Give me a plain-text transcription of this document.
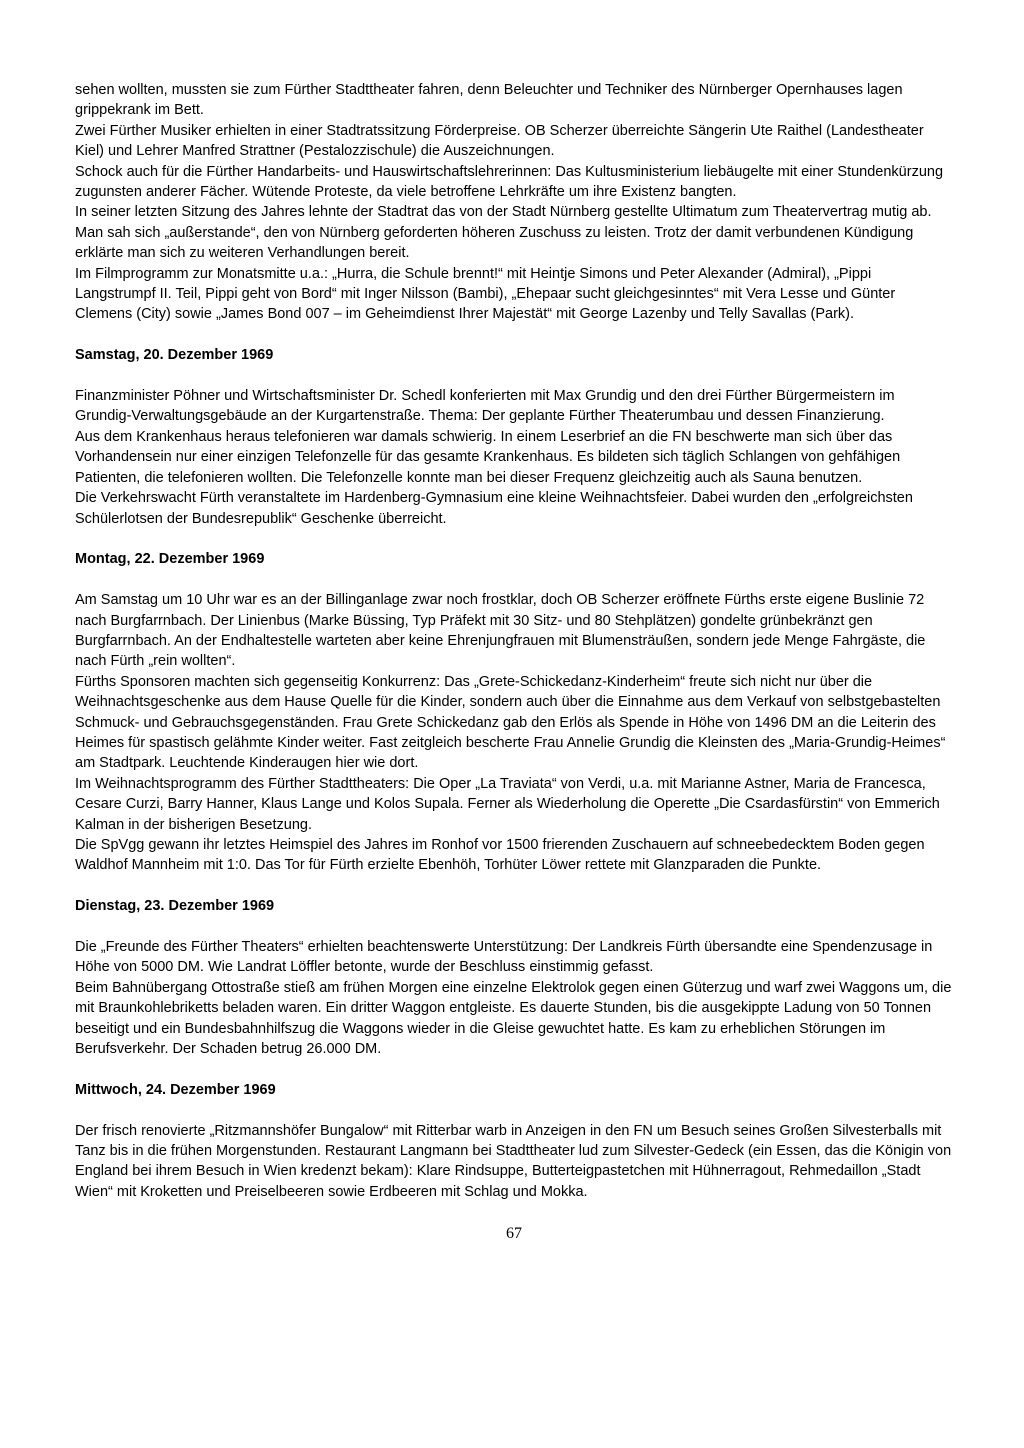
sehen wollten, mussten sie zum Fürther Stadttheater fahren, denn Beleuchter und Techniker des Nürnberger Opernhauses lagen grippekrank im Bett.

Zwei Fürther Musiker erhielten in einer Stadtratssitzung Förderpreise. OB Scherzer überreichte Sängerin Ute Raithel (Landestheater Kiel) und Lehrer Manfred Strattner (Pestalozzischule) die Auszeichnungen.

Schock auch für die Fürther Handarbeits- und Hauswirtschaftslehrerinnen: Das Kultusministerium liebäugelte mit einer Stundenkürzung zugunsten anderer Fächer. Wütende Proteste, da viele betroffene Lehrkräfte um ihre Existenz bangten.

In seiner letzten Sitzung des Jahres lehnte der Stadtrat das von der Stadt Nürnberg gestellte Ultimatum zum Theatervertrag mutig ab. Man sah sich „außerstande“, den von Nürnberg geforderten höheren Zuschuss zu leisten. Trotz der damit verbundenen Kündigung erklärte man sich zu weiteren Verhandlungen bereit.

Im Filmprogramm zur Monatsmitte u.a.: „Hurra, die Schule brennt!“ mit Heintje Simons und Peter Alexander (Admiral), „Pippi Langstrumpf II. Teil, Pippi geht von Bord“ mit Inger Nilsson (Bambi), „Ehepaar sucht gleichgesinntes“ mit Vera Lesse und Günter Clemens (City) sowie „James Bond 007 – im Geheimdienst Ihrer Majestät“ mit George Lazenby und Telly Savallas (Park).

Samstag, 20. Dezember 1969

Finanzminister Pöhner und Wirtschaftsminister Dr. Schedl konferierten mit Max Grundig und den drei Fürther Bürgermeistern im Grundig-Verwaltungsgebäude an der Kurgartenstraße. Thema: Der geplante Fürther Theaterumbau und dessen Finanzierung.

Aus dem Krankenhaus heraus telefonieren war damals schwierig. In einem Leserbrief an die FN beschwerte man sich über das Vorhandensein nur einer einzigen Telefonzelle für das gesamte Krankenhaus. Es bildeten sich täglich Schlangen von gehfähigen Patienten, die telefonieren wollten. Die Telefonzelle konnte man bei dieser Frequenz gleichzeitig auch als Sauna benutzen.

Die Verkehrswacht Fürth veranstaltete im Hardenberg-Gymnasium eine kleine Weihnachtsfeier. Dabei wurden den „erfolgreichsten Schülerlotsen der Bundesrepublik“ Geschenke überreicht.

Montag, 22. Dezember 1969

Am Samstag um 10 Uhr war es an der Billinganlage zwar noch frostklar, doch OB Scherzer eröffnete Fürths erste eigene Buslinie 72 nach Burgfarrnbach. Der Linienbus (Marke Büssing, Typ Präfekt mit 30 Sitz- und 80 Stehplätzen) gondelte grünbekränzt gen Burgfarrnbach. An der Endhaltestelle warteten aber keine Ehrenjungfrauen mit Blumensträußen, sondern jede Menge Fahrgäste, die nach Fürth „rein wollten“.

Fürths Sponsoren machten sich gegenseitig Konkurrenz: Das „Grete-Schickedanz-Kinderheim“ freute sich nicht nur über die Weihnachtsgeschenke aus dem Hause Quelle für die Kinder, sondern auch über die Einnahme aus dem Verkauf von selbstgebastelten Schmuck- und Gebrauchsgegenständen. Frau Grete Schickedanz gab den Erlös als Spende in Höhe von 1496 DM an die Leiterin des Heimes für spastisch gelähmte Kinder weiter. Fast zeitgleich bescherte Frau Annelie Grundig die Kleinsten des „Maria-Grundig-Heimes“ am Stadtpark. Leuchtende Kinderaugen hier wie dort.

Im Weihnachtsprogramm des Fürther Stadttheaters: Die Oper „La Traviata“ von Verdi, u.a. mit Marianne Astner, Maria de Francesca, Cesare Curzi, Barry Hanner, Klaus Lange und Kolos Supala. Ferner als Wiederholung die Operette „Die Csardasfürstin“ von Emmerich Kalman in der bisherigen Besetzung.

Die SpVgg gewann ihr letztes Heimspiel des Jahres im Ronhof vor 1500 frierenden Zuschauern auf schneebedecktem Boden gegen Waldhof Mannheim mit 1:0. Das Tor für Fürth erzielte Ebenhöh, Torhüter Löwer rettete mit Glanzparaden die Punkte.

Dienstag, 23. Dezember 1969

Die „Freunde des Fürther Theaters“ erhielten beachtenswerte Unterstützung: Der Landkreis Fürth übersandte eine Spendenzusage in Höhe von 5000 DM. Wie Landrat Löffler betonte, wurde der Beschluss einstimmig gefasst.

Beim Bahnübergang Ottostraße stieß am frühen Morgen eine einzelne Elektrolok gegen einen Güterzug und warf zwei Waggons um, die mit Braunkohlebriketts beladen waren. Ein dritter Waggon entgleiste. Es dauerte Stunden, bis die ausgekippte Ladung von 50 Tonnen beseitigt und ein Bundesbahnhilfszug die Waggons wieder in die Gleise gewuchtet hatte. Es kam zu erheblichen Störungen im Berufsverkehr. Der Schaden betrug 26.000 DM.

Mittwoch, 24. Dezember 1969

Der frisch renovierte „Ritzmannshöfer Bungalow“ mit Ritterbar warb in Anzeigen in den FN um Besuch seines Großen Silvesterballs mit Tanz bis in die frühen Morgenstunden. Restaurant Langmann bei Stadttheater lud zum Silvester-Gedeck (ein Essen, das die Königin von England bei ihrem Besuch in Wien kredenzt bekam): Klare Rindsuppe, Butterteigpastetchen mit Hühnerragout, Rehmedaillon „Stadt Wien“ mit Kroketten und Preiselbeeren sowie Erdbeeren mit Schlag und Mokka.

67
